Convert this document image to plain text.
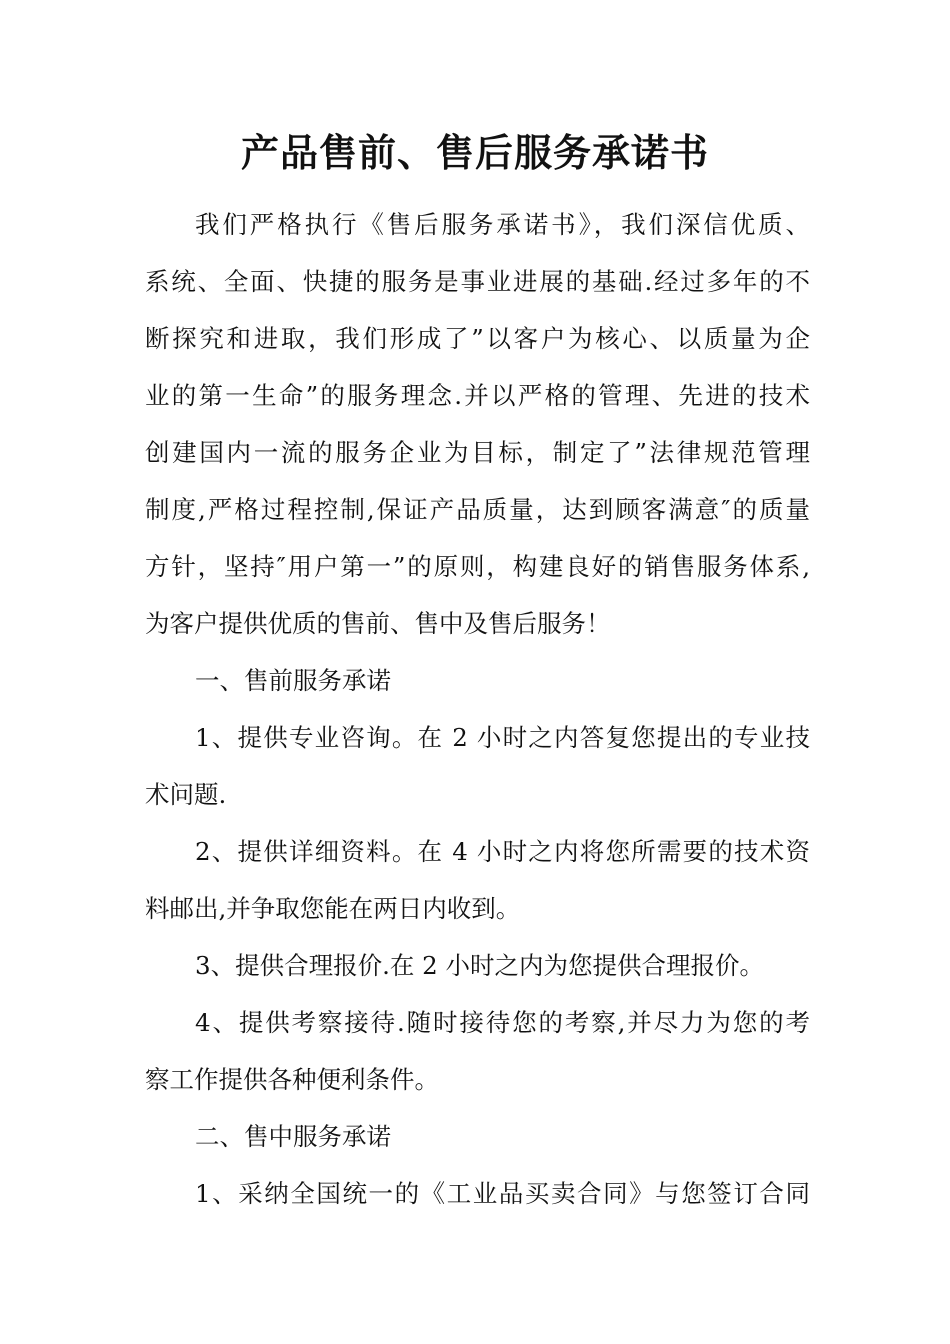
产品售前、售后服务承诺书
我们严格执行《售后服务承诺书》，我们深信优质、
系统、全面、快捷的服务是事业进展的基础.经过多年的不
断探究和进取，我们形成了”以客户为核心、以质量为企
业的第一生命”的服务理念.并以严格的管理、先进的技术
创建国内一流的服务企业为目标，制定了”法律规范管理
制度,严格过程控制,保证产品质量，达到顾客满意″的质量
方针，坚持″用户第一”的原则，构建良好的销售服务体系,
为客户提供优质的售前、售中及售后服务！
一、售前服务承诺
1、提供专业咨询。在 2 小时之内答复您提出的专业技
术问题.
2、提供详细资料。在 4 小时之内将您所需要的技术资
料邮出,并争取您能在两日内收到。
3、提供合理报价.在 2 小时之内为您提供合理报价。
4、提供考察接待.随时接待您的考察,并尽力为您的考
察工作提供各种便利条件。
二、售中服务承诺
1、采纳全国统一的《工业品买卖合同》与您签订合同
